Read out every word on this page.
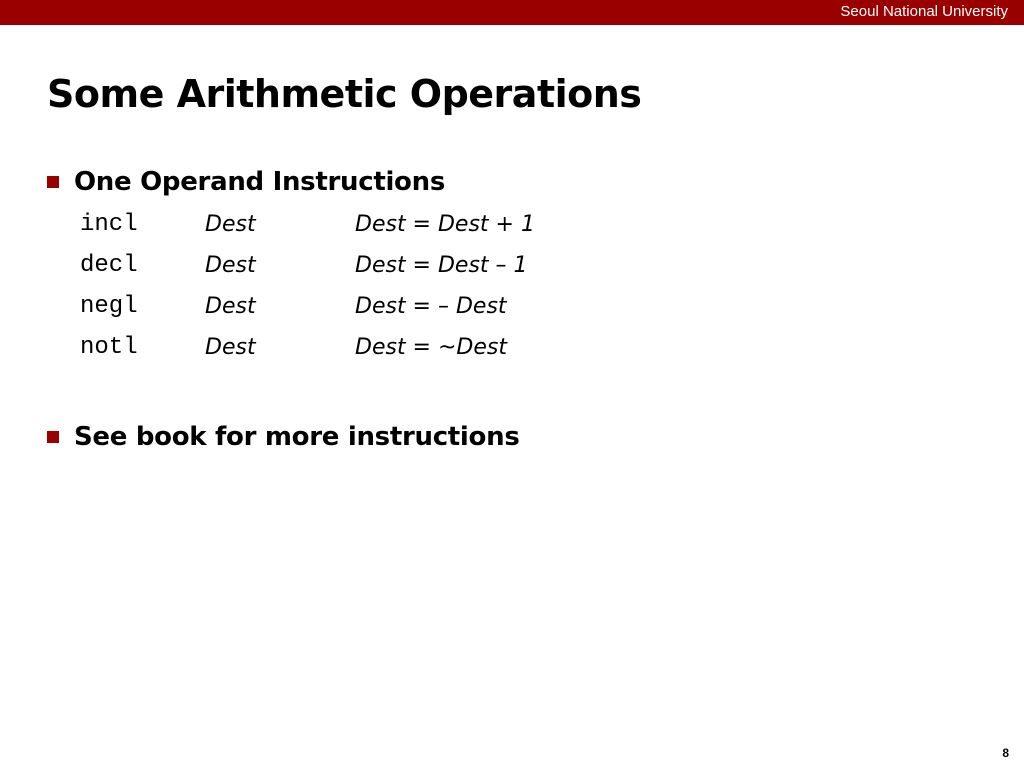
Seoul National University
Some Arithmetic Operations
One Operand Instructions
incl	Dest	Dest = Dest + 1
decl	Dest	Dest = Dest – 1
negl	Dest	Dest = – Dest
notl	Dest	Dest = ~Dest
See book for more instructions
8
